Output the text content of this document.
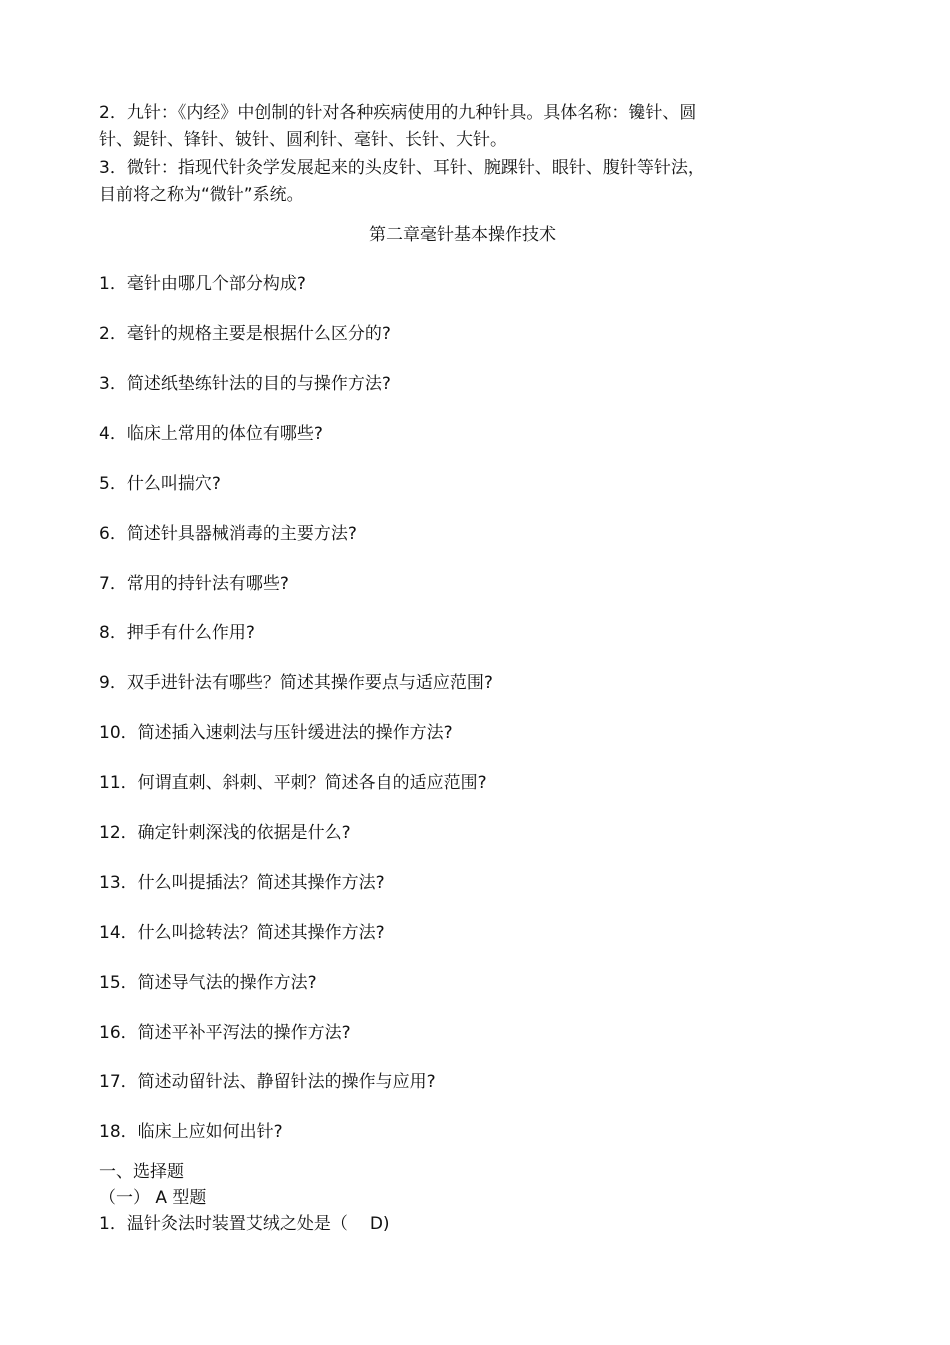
2．九针：《内经》中创制的针对各种疾病使用的九种针具。具体名称：镵针、圆
针、鍉针、锋针、铍针、圆利针、毫针、长针、大针。
3．微针：指现代针灸学发展起来的头皮针、耳针、腕踝针、眼针、腹针等针法，
目前将之称为“微针”系统。
第二章毫针基本操作技术
1．毫针由哪几个部分构成?
2．毫针的规格主要是根据什么区分的?
3．简述纸垫练针法的目的与操作方法?
4．临床上常用的体位有哪些?
5．什么叫揣穴?
6．简述针具器械消毒的主要方法?
7．常用的持针法有哪些?
8．押手有什么作用?
9．双手进针法有哪些？简述其操作要点与适应范围?
10．简述插入速刺法与压针缓进法的操作方法?
11．何谓直刺、斜刺、平刺？简述各自的适应范围?
12．确定针刺深浅的依据是什么?
13．什么叫提插法？简述其操作方法?
14．什么叫捻转法？简述其操作方法?
15．简述导气法的操作方法?
16．简述平补平泻法的操作方法?
17．简述动留针法、静留针法的操作与应用?
18．临床上应如何出针?
一、选择题
（一） A 型题
1．温针灸法时装置艾绒之处是（ D)
